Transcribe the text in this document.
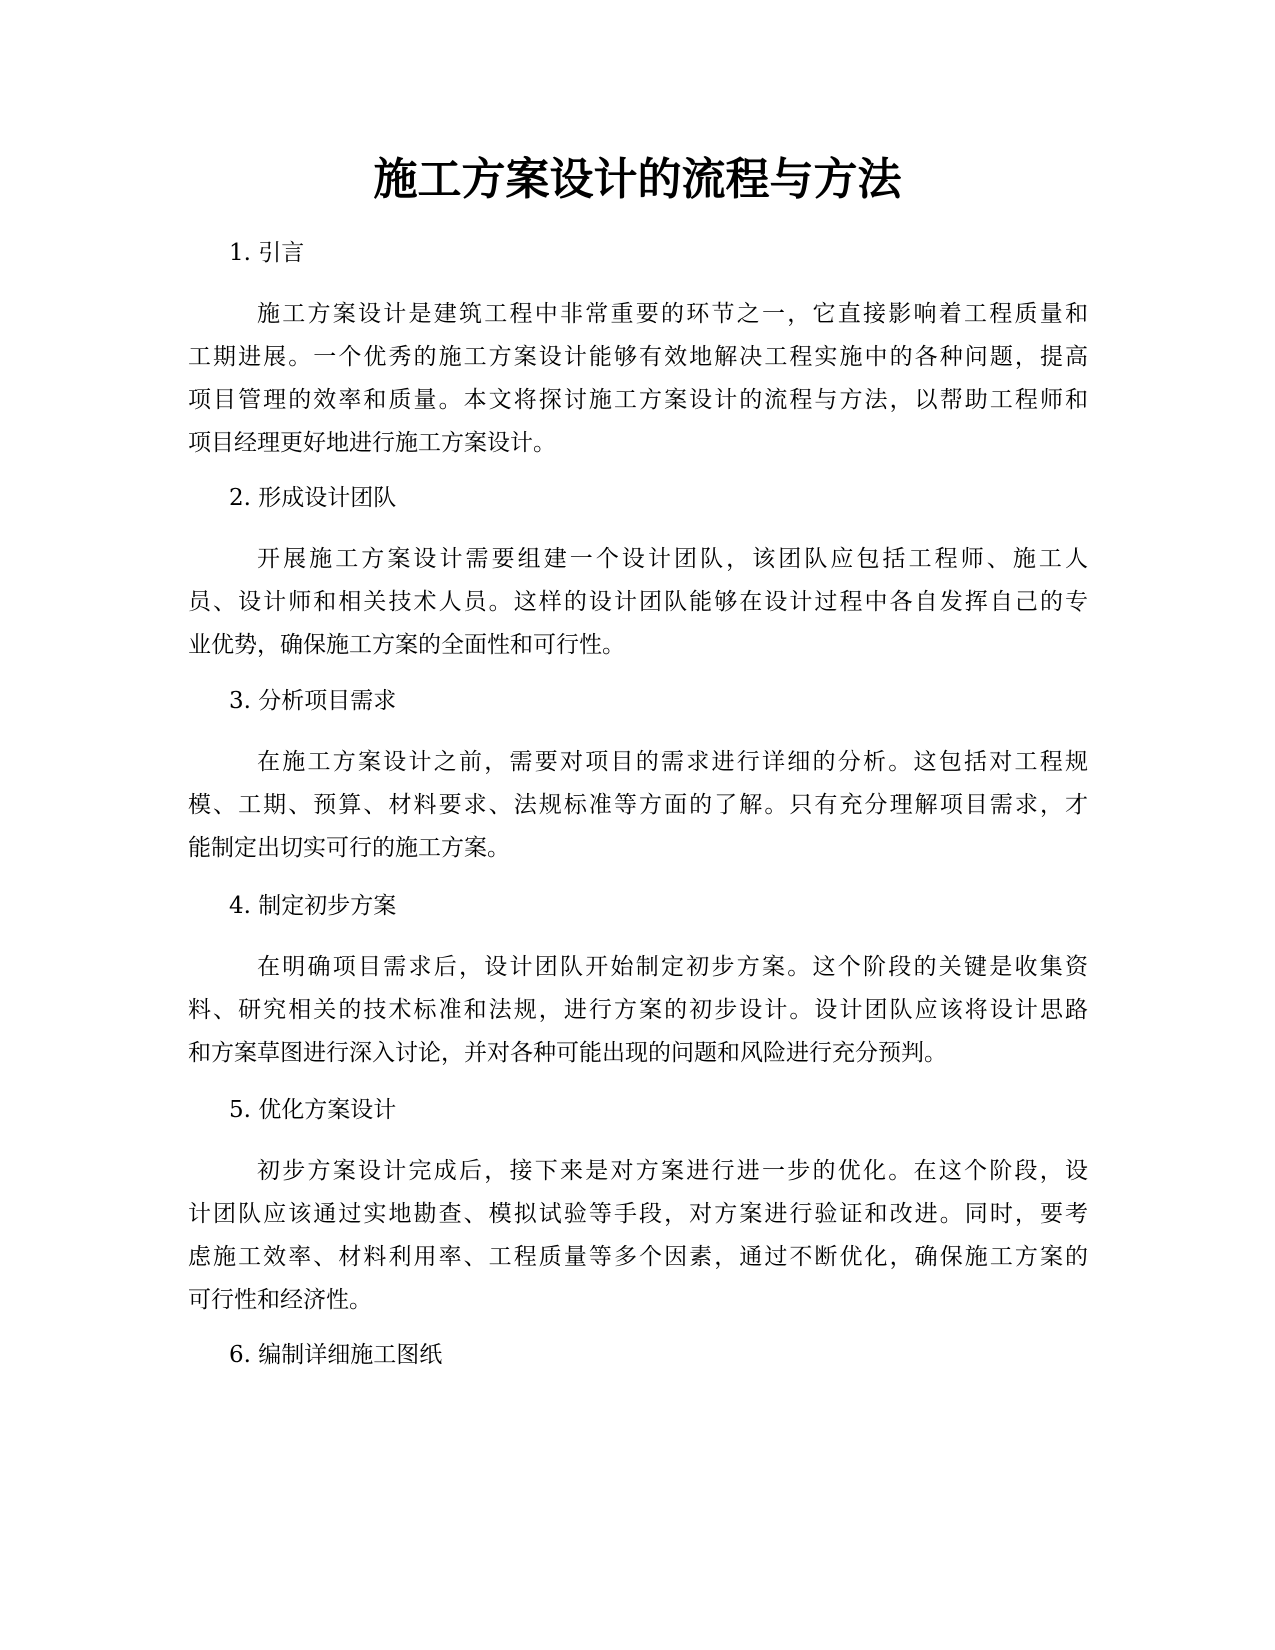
施工方案设计的流程与方法
1. 引言

施工方案设计是建筑工程中非常重要的环节之一，它直接影响着工程质量和
工期进展。一个优秀的施工方案设计能够有效地解决工程实施中的各种问题，提高
项目管理的效率和质量。本文将探讨施工方案设计的流程与方法，以帮助工程师和
项目经理更好地进行施工方案设计。

2. 形成设计团队

开展施工方案设计需要组建一个设计团队，该团队应包括工程师、施工人
员、设计师和相关技术人员。这样的设计团队能够在设计过程中各自发挥自己的专
业优势，确保施工方案的全面性和可行性。

3. 分析项目需求

在施工方案设计之前，需要对项目的需求进行详细的分析。这包括对工程规
模、工期、预算、材料要求、法规标准等方面的了解。只有充分理解项目需求，才
能制定出切实可行的施工方案。

4. 制定初步方案

在明确项目需求后，设计团队开始制定初步方案。这个阶段的关键是收集资
料、研究相关的技术标准和法规，进行方案的初步设计。设计团队应该将设计思路
和方案草图进行深入讨论，并对各种可能出现的问题和风险进行充分预判。

5. 优化方案设计

初步方案设计完成后，接下来是对方案进行进一步的优化。在这个阶段，设
计团队应该通过实地勘查、模拟试验等手段，对方案进行验证和改进。同时，要考
虑施工效率、材料利用率、工程质量等多个因素，通过不断优化，确保施工方案的
可行性和经济性。

6. 编制详细施工图纸
